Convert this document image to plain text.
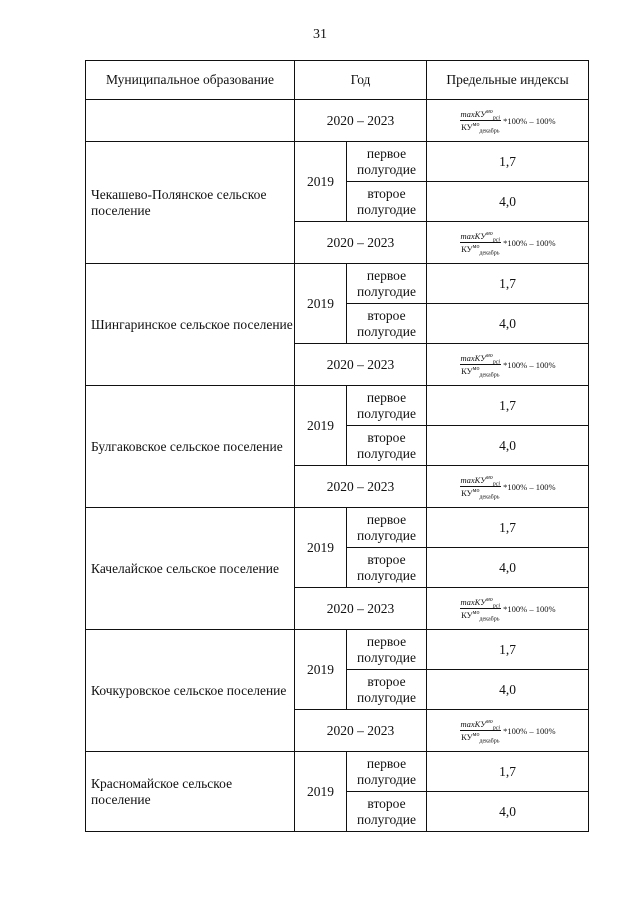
31
Муниципальное образование	Год		Предельные индексы
	2020 – 2023		$\frac{\max КУ^{мо}_{pci}}{КУ^{мо}_{декабрь}} *100\% - 100\%$

Чекашево-Полянское сельское поселение	2019	первое полугодие	1,7
		второе полугодие	4,0
	2020 – 2023		$\frac{\max КУ^{мо}_{pci}}{КУ^{мо}_{декабрь}} *100\% - 100\%$

Шингаринское сельское поселение	2019	первое полугодие	1,7
		второе полугодие	4,0
	2020 – 2023		$\frac{\max КУ^{мо}_{pci}}{КУ^{мо}_{декабрь}} *100\% - 100\%$

Булгаковское сельское поселение	2019	первое полугодие	1,7
		второе полугодие	4,0
	2020 – 2023		$\frac{\max КУ^{мо}_{pci}}{КУ^{мо}_{декабрь}} *100\% - 100\%$

Качелайское сельское поселение	2019	первое полугодие	1,7
		второе полугодие	4,0
	2020 – 2023		$\frac{\max КУ^{мо}_{pci}}{КУ^{мо}_{декабрь}} *100\% - 100\%$

Кочкуровское сельское поселение	2019	первое полугодие	1,7
		второе полугодие	4,0
	2020 – 2023		$\frac{\max КУ^{мо}_{pci}}{КУ^{мо}_{декабрь}} *100\% - 100\%$

Красномайское сельское поселение	2019	первое полугодие	1,7
		второе полугодие	4,0
